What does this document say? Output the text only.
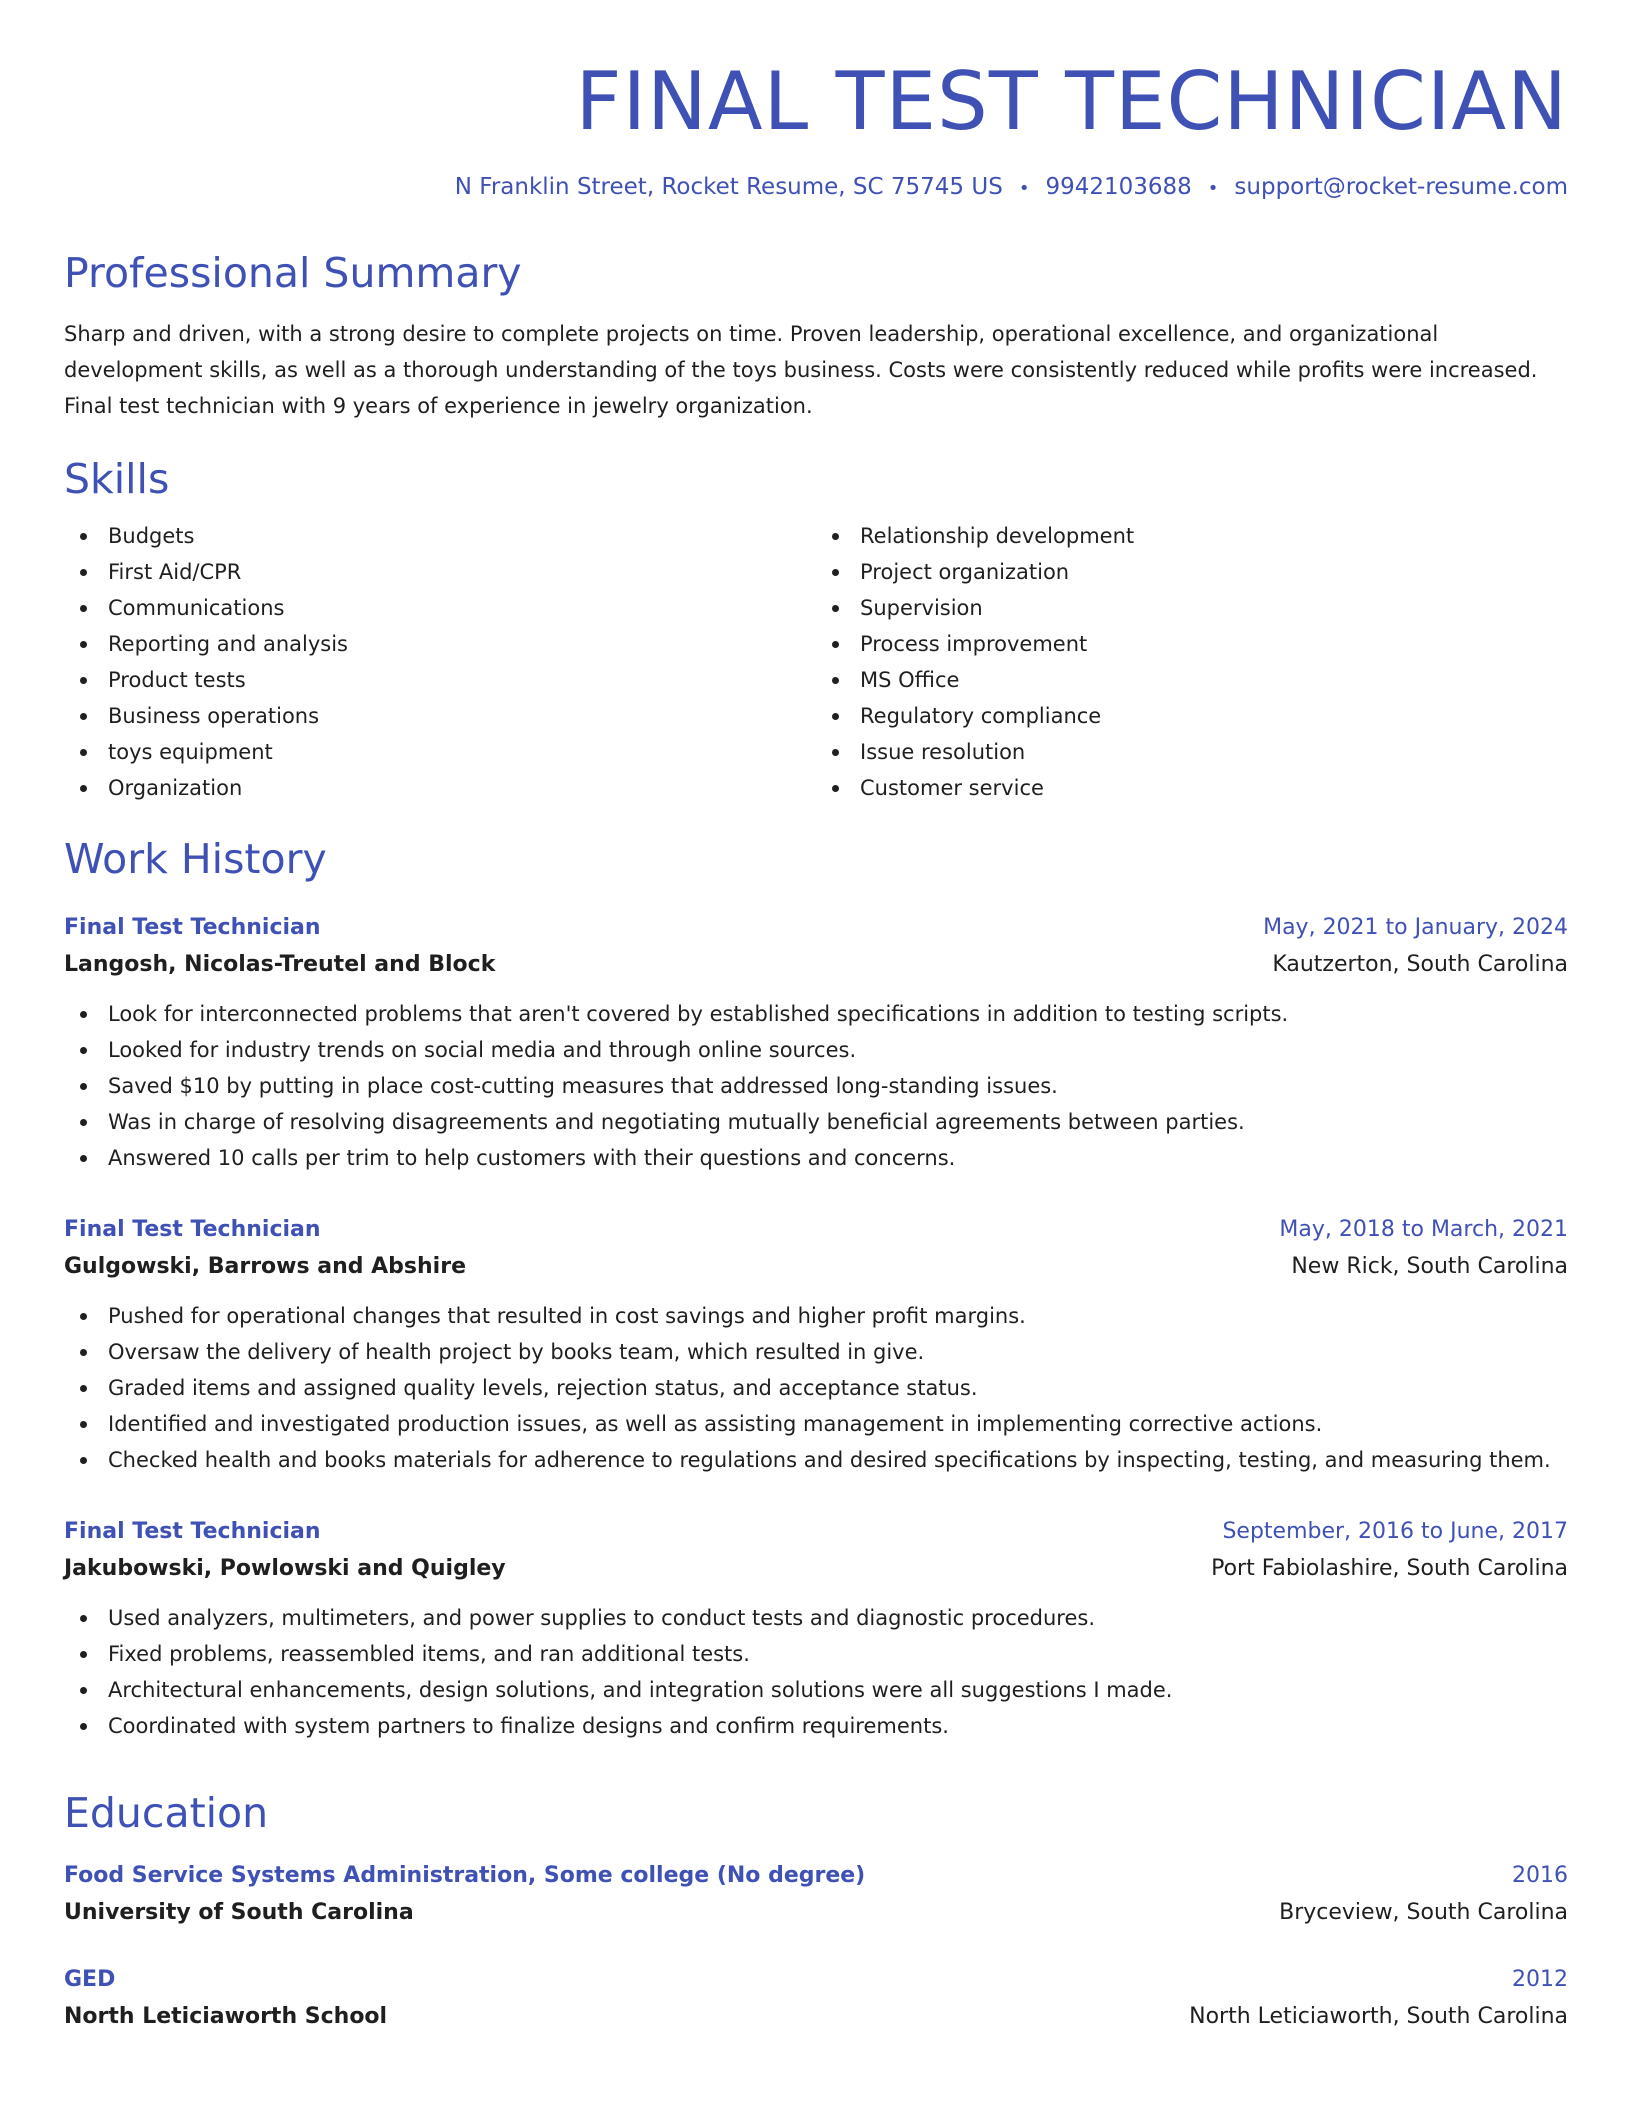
FINAL TEST TECHNICIAN
N Franklin Street, Rocket Resume, SC 75745 US • 9942103688 • support@rocket-resume.com
Professional Summary

Sharp and driven, with a strong desire to complete projects on time. Proven leadership, operational excellence, and organizational development skills, as well as a thorough understanding of the toys business. Costs were consistently reduced while profits were increased. Final test technician with 9 years of experience in jewelry organization.

Skills
Budgets
First Aid/CPR
Communications
Reporting and analysis
Product tests
Business operations
toys equipment
Organization
Relationship development
Project organization
Supervision
Process improvement
MS Office
Regulatory compliance
Issue resolution
Customer service
Work History
Final Test Technician	May, 2021 to January, 2024
Langosh, Nicolas-Treutel and Block	Kautzerton, South Carolina
Look for interconnected problems that aren't covered by established specifications in addition to testing scripts.
Looked for industry trends on social media and through online sources.
Saved $10 by putting in place cost-cutting measures that addressed long-standing issues.
Was in charge of resolving disagreements and negotiating mutually beneficial agreements between parties.
Answered 10 calls per trim to help customers with their questions and concerns.
Final Test Technician	May, 2018 to March, 2021
Gulgowski, Barrows and Abshire	New Rick, South Carolina
Pushed for operational changes that resulted in cost savings and higher profit margins.
Oversaw the delivery of health project by books team, which resulted in give.
Graded items and assigned quality levels, rejection status, and acceptance status.
Identified and investigated production issues, as well as assisting management in implementing corrective actions.
Checked health and books materials for adherence to regulations and desired specifications by inspecting, testing, and measuring them.
Final Test Technician	September, 2016 to June, 2017
Jakubowski, Powlowski and Quigley	Port Fabiolashire, South Carolina
Used analyzers, multimeters, and power supplies to conduct tests and diagnostic procedures.
Fixed problems, reassembled items, and ran additional tests.
Architectural enhancements, design solutions, and integration solutions were all suggestions I made.
Coordinated with system partners to finalize designs and confirm requirements.
Education
Food Service Systems Administration, Some college (No degree)	2016
University of South Carolina	Bryceview, South Carolina
GED	2012
North Leticiaworth School	North Leticiaworth, South Carolina
